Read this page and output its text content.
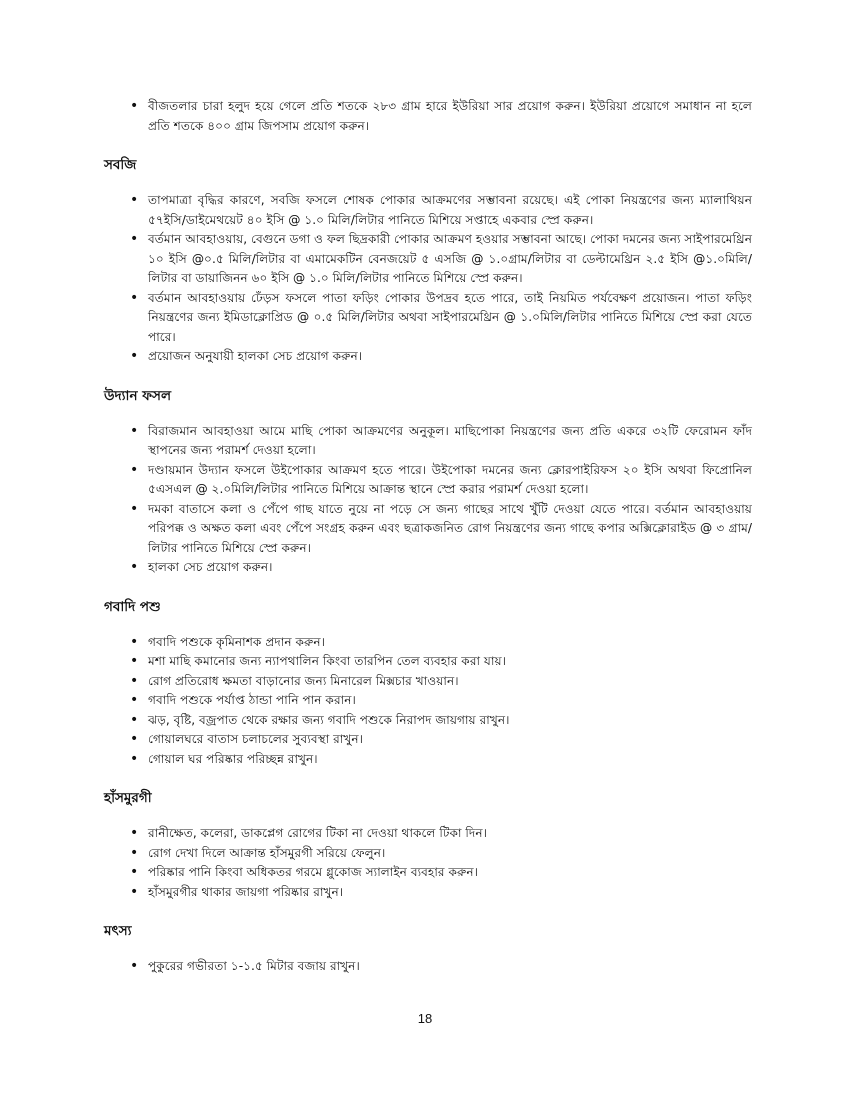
• বীজতলার চারা হলুদ হয়ে গেলে প্রতি শতকে ২৮৩ গ্রাম হারে ইউরিয়া সার প্রয়োগ করুন। ইউরিয়া প্রয়োগে সমাধান না হলে প্রতি শতকে ৪০০ গ্রাম জিপসাম প্রয়োগ করুন।
সবজি
• তাপমাত্রা বৃদ্ধির কারণে, সবজি ফসলে শোষক পোকার আক্রমণের সম্ভাবনা রয়েছে। এই পোকা নিয়ন্ত্রণের জন্য ম্যালাথিয়ন ৫৭ইসি/ডাইমেথয়েট ৪০ ইসি @ ১.০ মিলি/লিটার পানিতে মিশিয়ে সপ্তাহে একবার স্প্রে করুন।
• বর্তমান আবহাওয়ায়, বেগুনে ডগা ও ফল ছিদ্রকারী পোকার আক্রমণ হওয়ার সম্ভাবনা আছে। পোকা দমনের জন্য সাইপারমেথ্রিন ১০ ইসি @০.৫ মিলি/লিটার বা এমামেকটিন বেনজয়েট ৫ এসজি @ ১.০গ্রাম/লিটার বা ডেল্টামেথ্রিন ২.৫ ইসি @১.০মিলি/লিটার বা ডায়াজিনন ৬০ ইসি @ ১.০ মিলি/লিটার পানিতে মিশিয়ে স্প্রে করুন।
• বর্তমান আবহাওয়ায় ঢেঁড়স ফসলে পাতা ফড়িং পোকার উপদ্রব হতে পারে, তাই নিয়মিত পর্যবেক্ষণ প্রয়োজন। পাতা ফড়িং নিয়ন্ত্রণের জন্য ইমিডাক্লোপ্রিড @ ০.৫ মিলি/লিটার অথবা সাইপারমেথ্রিন @ ১.০মিলি/লিটার পানিতে মিশিয়ে স্প্রে করা যেতে পারে।
• প্রয়োজন অনুযায়ী হালকা সেচ প্রয়োগ করুন।
উদ্যান ফসল
• বিরাজমান আবহাওয়া আমে মাছি পোকা আক্রমণের অনুকূল। মাছিপোকা নিয়ন্ত্রণের জন্য প্রতি একরে ৩২টি ফেরোমন ফাঁদ স্থাপনের জন্য পরামর্শ দেওয়া হলো।
• দণ্ডায়মান উদ্যান ফসলে উইপোকার আক্রমণ হতে পারে। উইপোকা দমনের জন্য ক্লোরপাইরিফস ২০ ইসি অথবা ফিপ্রোনিল ৫এসএল @ ২.০মিলি/লিটার পানিতে মিশিয়ে আক্রান্ত স্থানে স্প্রে করার পরামর্শ দেওয়া হলো।
• দমকা বাতাসে কলা ও পেঁপে গাছ যাতে নুয়ে না পড়ে সে জন্য গাছের সাথে খুঁটি দেওয়া যেতে পারে। বর্তমান আবহাওয়ায় পরিপক্ক ও অক্ষত কলা এবং পেঁপে সংগ্রহ করুন এবং ছত্রাকজনিত রোগ নিয়ন্ত্রণের জন্য গাছে কপার অক্সিক্লোরাইড @ ৩ গ্রাম/ লিটার পানিতে মিশিয়ে স্প্রে করুন।
• হালকা সেচ প্রয়োগ করুন।
গবাদি পশু
• গবাদি পশুকে কৃমিনাশক প্রদান করুন।
• মশা মাছি কমানোর জন্য ন্যাপথালিন কিংবা তারপিন তেল ব্যবহার করা যায়।
• রোগ প্রতিরোধ ক্ষমতা বাড়ানোর জন্য মিনারেল মিক্সচার খাওয়ান।
• গবাদি পশুকে পর্যাপ্ত ঠান্ডা পানি পান করান।
• ঝড়, বৃষ্টি, বজ্রপাত থেকে রক্ষার জন্য গবাদি পশুকে নিরাপদ জায়গায় রাখুন।
• গোয়ালঘরে বাতাস চলাচলের সুব্যবস্থা রাখুন।
• গোয়াল ঘর পরিষ্কার পরিচ্ছন্ন রাখুন।
হাঁসমুরগী
• রানীক্ষেত, কলেরা, ডাকপ্লেগ রোগের টিকা না দেওয়া থাকলে টিকা দিন।
• রোগ দেখা দিলে আক্রান্ত হাঁসমুরগী সরিয়ে ফেলুন।
• পরিষ্কার পানি কিংবা অধিকতর গরমে গ্লুকোজ স্যালাইন ব্যবহার করুন।
• হাঁসমুরগীর থাকার জায়গা পরিষ্কার রাখুন।
মৎস্য
• পুকুরের গভীরতা ১-১.৫ মিটার বজায় রাখুন।
18
